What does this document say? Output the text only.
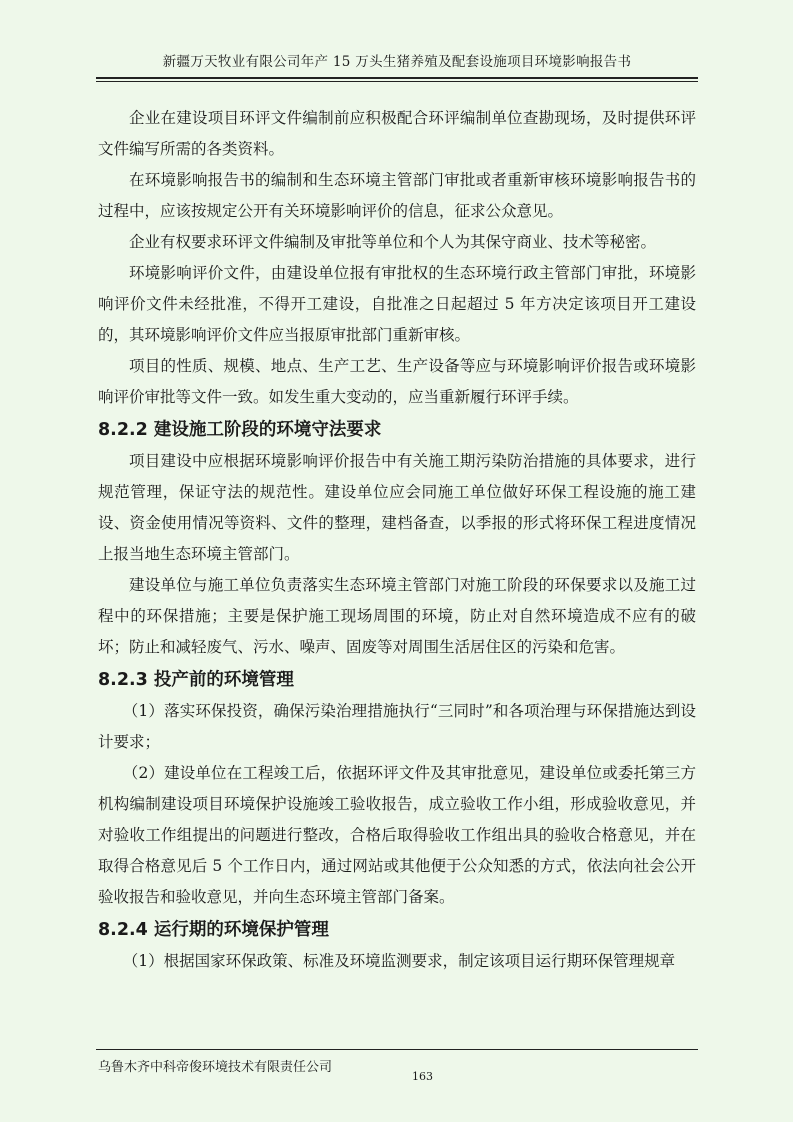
新疆万天牧业有限公司年产 15 万头生猪养殖及配套设施项目环境影响报告书

企业在建设项目环评文件编制前应积极配合环评编制单位查勘现场，及时提供环评文件编写所需的各类资料。

在环境影响报告书的编制和生态环境主管部门审批或者重新审核环境影响报告书的过程中，应该按规定公开有关环境影响评价的信息，征求公众意见。

企业有权要求环评文件编制及审批等单位和个人为其保守商业、技术等秘密。

环境影响评价文件，由建设单位报有审批权的生态环境行政主管部门审批，环境影响评价文件未经批准，不得开工建设，自批准之日起超过 5 年方决定该项目开工建设的，其环境影响评价文件应当报原审批部门重新审核。

项目的性质、规模、地点、生产工艺、生产设备等应与环境影响评价报告或环境影响评价审批等文件一致。如发生重大变动的，应当重新履行环评手续。

8.2.2 建设施工阶段的环境守法要求

项目建设中应根据环境影响评价报告中有关施工期污染防治措施的具体要求，进行规范管理，保证守法的规范性。建设单位应会同施工单位做好环保工程设施的施工建设、资金使用情况等资料、文件的整理，建档备查，以季报的形式将环保工程进度情况上报当地生态环境主管部门。

建设单位与施工单位负责落实生态环境主管部门对施工阶段的环保要求以及施工过程中的环保措施；主要是保护施工现场周围的环境，防止对自然环境造成不应有的破坏；防止和减轻废气、污水、噪声、固废等对周围生活居住区的污染和危害。

8.2.3 投产前的环境管理

（1）落实环保投资，确保污染治理措施执行“三同时”和各项治理与环保措施达到设计要求；

（2）建设单位在工程竣工后，依据环评文件及其审批意见，建设单位或委托第三方机构编制建设项目环境保护设施竣工验收报告，成立验收工作小组，形成验收意见，并对验收工作组提出的问题进行整改，合格后取得验收工作组出具的验收合格意见，并在取得合格意见后 5 个工作日内，通过网站或其他便于公众知悉的方式，依法向社会公开验收报告和验收意见，并向生态环境主管部门备案。

8.2.4 运行期的环境保护管理

（1）根据国家环保政策、标准及环境监测要求，制定该项目运行期环保管理规章

乌鲁木齐中科帝俊环境技术有限责任公司
163
